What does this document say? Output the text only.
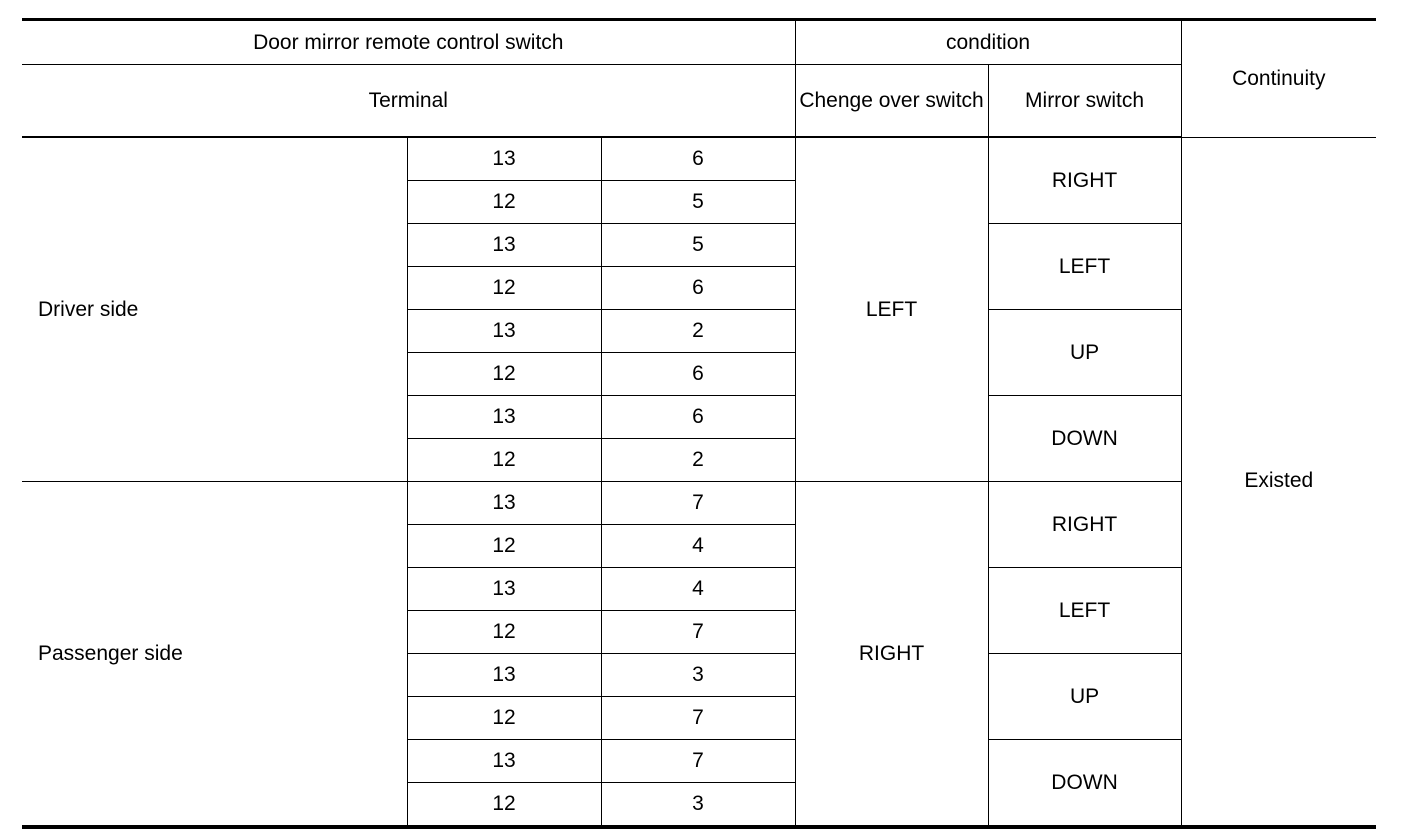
Door mirror remote control switch			condition		Continuity
Terminal			Chenge over switch	Mirror switch	
Driver side	13	6	LEFT	RIGHT	Existed
	12	5			
	13	5		LEFT	
	12	6			
	13	2		UP	
	12	6			
	13	6		DOWN	
	12	2			
Passenger side	13	7	RIGHT	RIGHT	
	12	4			
	13	4		LEFT	
	12	7			
	13	3		UP	
	12	7			
	13	7		DOWN	
	12	3			
